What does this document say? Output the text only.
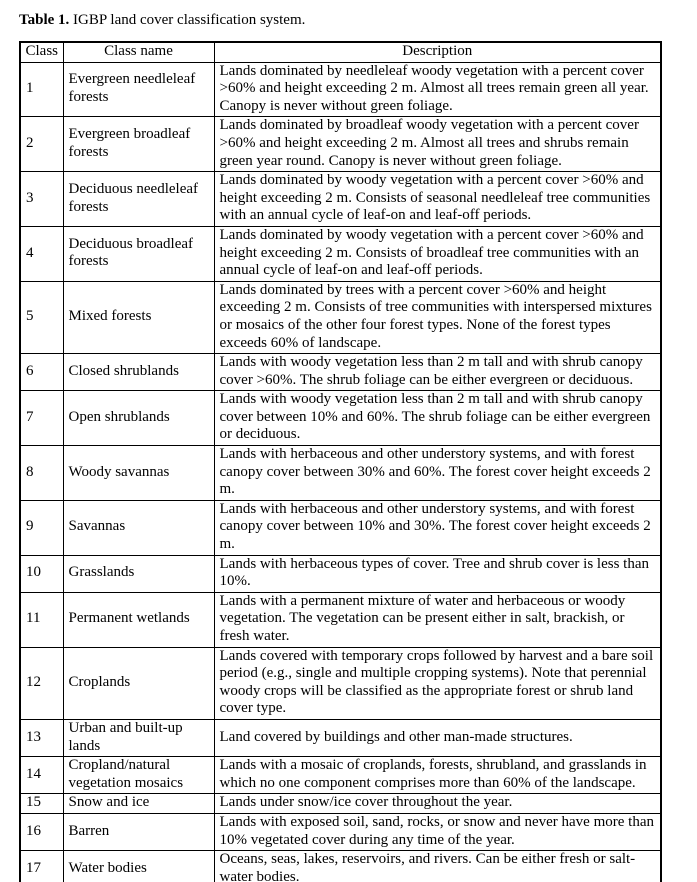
Table 1. IGBP land cover classification system.

Class	Class name	Description
1	Evergreen needleleaf forests	Lands dominated by needleleaf woody vegetation with a percent cover >60% and height exceeding 2 m. Almost all trees remain green all year. Canopy is never without green foliage.
2	Evergreen broadleaf forests	Lands dominated by broadleaf woody vegetation with a percent cover >60% and height exceeding 2 m. Almost all trees and shrubs remain green year round. Canopy is never without green foliage.
3	Deciduous needleleaf forests	Lands dominated by woody vegetation with a percent cover >60% and height exceeding 2 m. Consists of seasonal needleleaf tree communities with an annual cycle of leaf-on and leaf-off periods.
4	Deciduous broadleaf forests	Lands dominated by woody vegetation with a percent cover >60% and height exceeding 2 m. Consists of broadleaf tree communities with an annual cycle of leaf-on and leaf-off periods.
5	Mixed forests	Lands dominated by trees with a percent cover >60% and height exceeding 2 m. Consists of tree communities with interspersed mixtures or mosaics of the other four forest types. None of the forest types exceeds 60% of landscape.
6	Closed shrublands	Lands with woody vegetation less than 2 m tall and with shrub canopy cover >60%. The shrub foliage can be either evergreen or deciduous.
7	Open shrublands	Lands with woody vegetation less than 2 m tall and with shrub canopy cover between 10% and 60%. The shrub foliage can be either evergreen or deciduous.
8	Woody savannas	Lands with herbaceous and other understory systems, and with forest canopy cover between 30% and 60%. The forest cover height exceeds 2 m.
9	Savannas	Lands with herbaceous and other understory systems, and with forest canopy cover between 10% and 30%. The forest cover height exceeds 2 m.
10	Grasslands	Lands with herbaceous types of cover. Tree and shrub cover is less than 10%.
11	Permanent wetlands	Lands with a permanent mixture of water and herbaceous or woody vegetation. The vegetation can be present either in salt, brackish, or fresh water.
12	Croplands	Lands covered with temporary crops followed by harvest and a bare soil period (e.g., single and multiple cropping systems). Note that perennial woody crops will be classified as the appropriate forest or shrub land cover type.
13	Urban and built-up lands	Land covered by buildings and other man-made structures.
14	Cropland/natural vegetation mosaics	Lands with a mosaic of croplands, forests, shrubland, and grasslands in which no one component comprises more than 60% of the landscape.
15	Snow and ice	Lands under snow/ice cover throughout the year.
16	Barren	Lands with exposed soil, sand, rocks, or snow and never have more than 10% vegetated cover during any time of the year.
17	Water bodies	Oceans, seas, lakes, reservoirs, and rivers. Can be either fresh or salt-water bodies.
